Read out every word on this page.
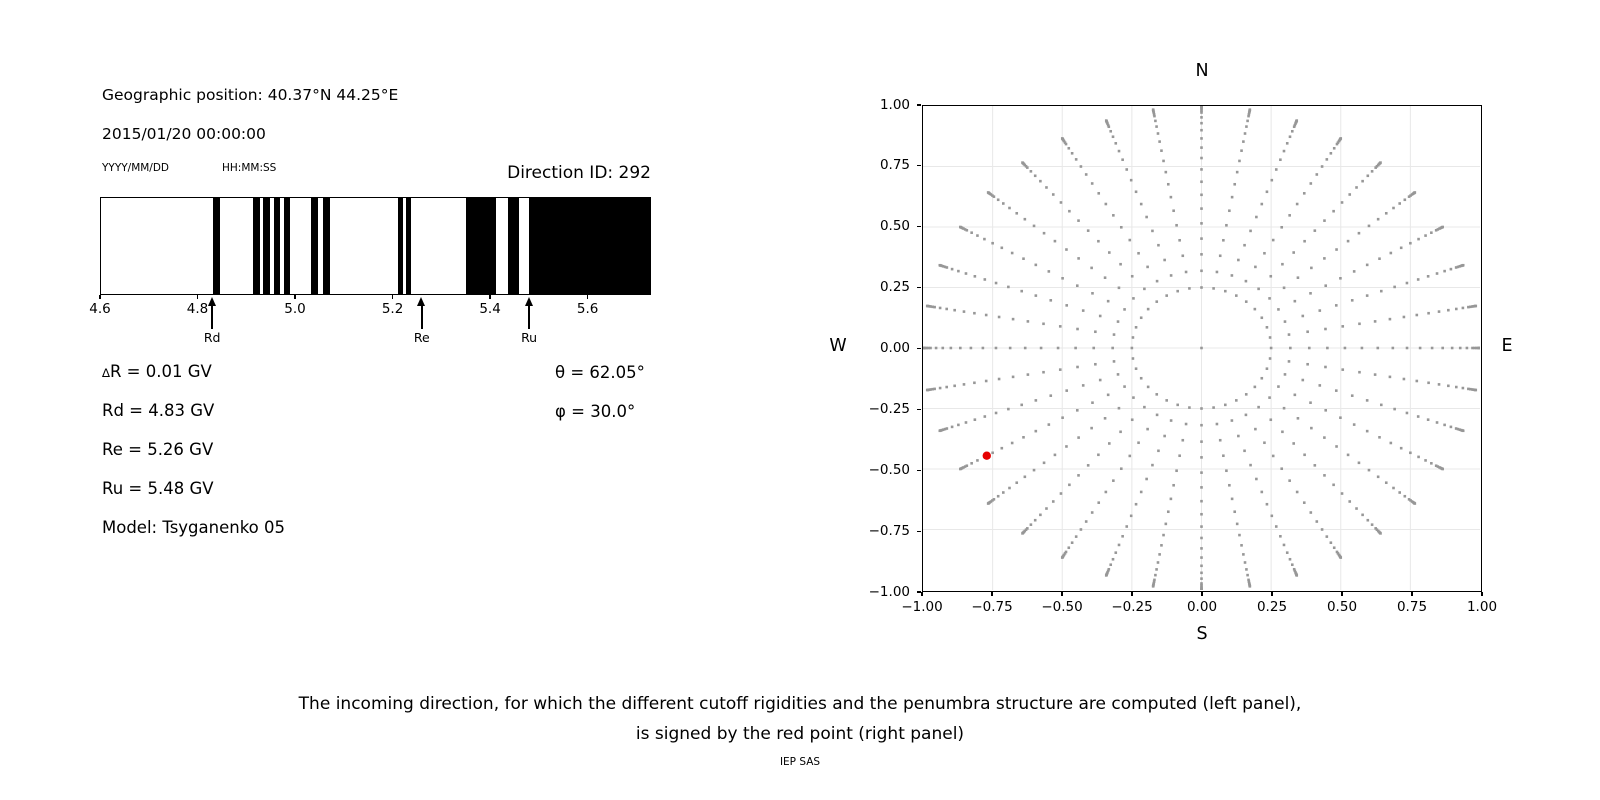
Geographic position: 40.37°N 44.25°E
2015/01/20 00:00:00
YYYY/MM/DD	HH:MM:SS	Direction ID: 292
4.6	4.8	5.0	5.2	5.4	5.6
Rd	Re	Ru
∆R = 0.01 GV
Rd = 4.83 GV
Re = 5.26 GV
Ru = 5.48 GV
Model: Tsyganenko 05
θ = 62.05°
φ = 30.0°
−1.00	−0.75	−0.50	−0.25	0.00	0.25	0.50	0.75	1.00
1.00
0.75
0.50
0.25
0.00
−0.25
−0.50
−0.75
−1.00
N
S
W	E
The incoming direction, for which the different cutoff rigidities and the penumbra structure are computed (left panel),
is signed by the red point (right panel)
IEP SAS
